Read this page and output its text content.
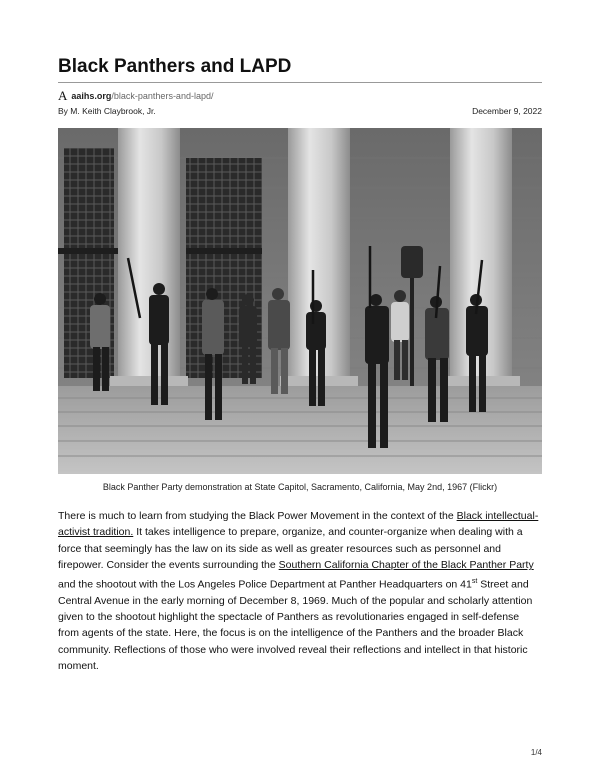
Black Panthers and LAPD
A aaihs.org /black-panthers-and-lapd/
By M. Keith Claybrook, Jr.	December 9, 2022
Black Panther Party demonstration at State Capitol, Sacramento, California, May 2nd, 1967 (Flickr)

There is much to learn from studying the Black Power Movement in the context of the Black intellectual-activist tradition. It takes intelligence to prepare, organize, and counter-organize when dealing with a force that seemingly has the law on its side as well as greater resources such as personnel and firepower. Consider the events surrounding the Southern California Chapter of the Black Panther Party and the shootout with the Los Angeles Police Department at Panther Headquarters on 41st Street and Central Avenue in the early morning of December 8, 1969. Much of the popular and scholarly attention given to the shootout highlight the spectacle of Panthers as revolutionaries engaged in self-defense from agents of the state. Here, the focus is on the intelligence of the Panthers and the broader Black community. Reflections of those who were involved reveal their reflections and intellect in that historic moment.

1/4
